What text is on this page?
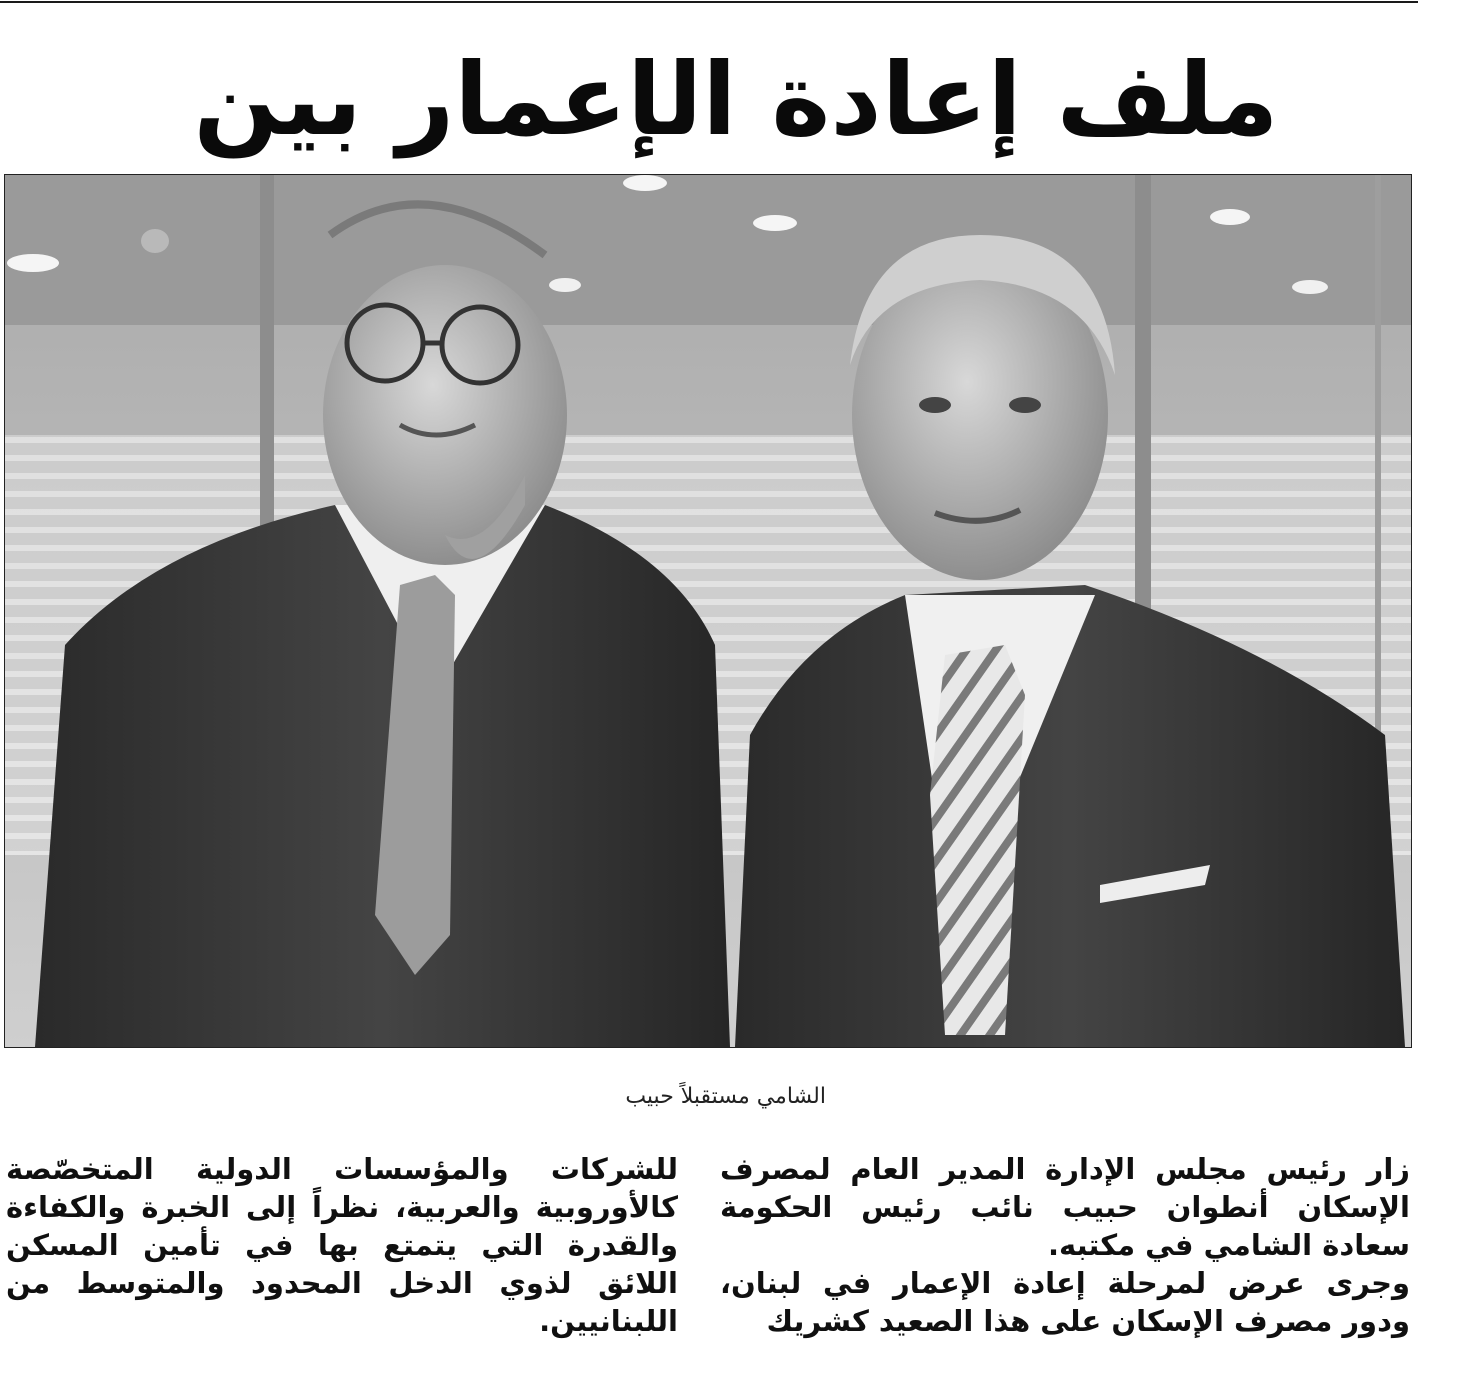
ملف إعادة الإعمار بين
الشامي مستقبلاً حبيب

زار رئيس مجلس الإدارة المدير العام لمصرف الإسكان أنطوان حبيب نائب رئيس الحكومة سعادة الشامي في مكتبه.

وجرى عرض لمرحلة إعادة الإعمار في لبنان، ودور مصرف الإسكان على هذا الصعيد كشريك

للشركات والمؤسسات الدولية المتخصّصة كالأوروبية والعربية، نظراً إلى الخبرة والكفاءة والقدرة التي يتمتع بها في تأمين المسكن اللائق لذوي الدخل المحدود والمتوسط من اللبنانيين.
